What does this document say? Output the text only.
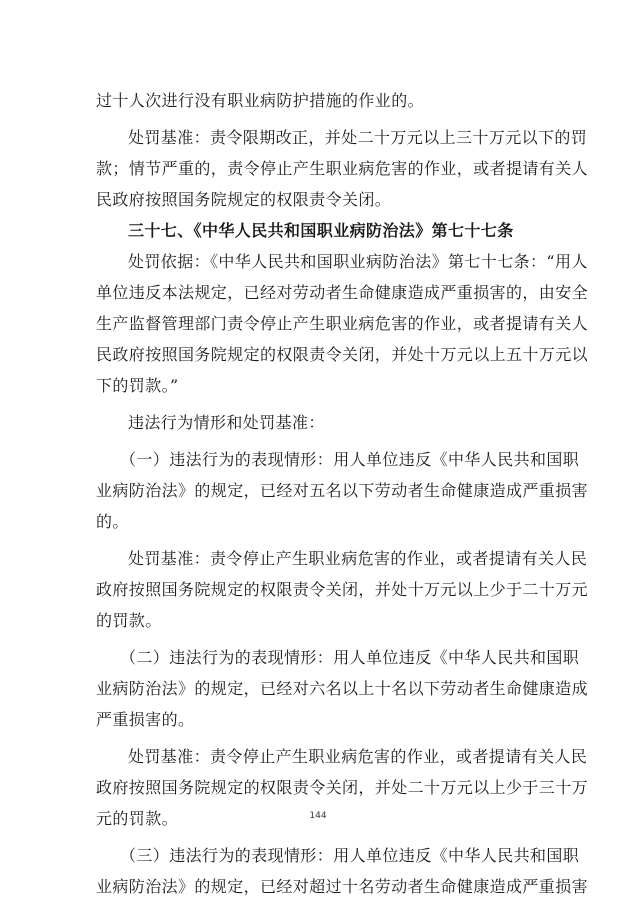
过十人次进行没有职业病防护措施的作业的。
处罚基准：责令限期改正，并处二十万元以上三十万元以下的罚
款；情节严重的，责令停止产生职业病危害的作业，或者提请有关人
民政府按照国务院规定的权限责令关闭。
三十七、《中华人民共和国职业病防治法》第七十七条
处罚依据：《中华人民共和国职业病防治法》第七十七条：“用人
单位违反本法规定，已经对劳动者生命健康造成严重损害的，由安全
生产监督管理部门责令停止产生职业病危害的作业，或者提请有关人
民政府按照国务院规定的权限责令关闭，并处十万元以上五十万元以
下的罚款。”
违法行为情形和处罚基准：
（一）违法行为的表现情形：用人单位违反《中华人民共和国职
业病防治法》的规定，已经对五名以下劳动者生命健康造成严重损害
的。
处罚基准：责令停止产生职业病危害的作业，或者提请有关人民
政府按照国务院规定的权限责令关闭，并处十万元以上少于二十万元
的罚款。
（二）违法行为的表现情形：用人单位违反《中华人民共和国职
业病防治法》的规定，已经对六名以上十名以下劳动者生命健康造成
严重损害的。
处罚基准：责令停止产生职业病危害的作业，或者提请有关人民
政府按照国务院规定的权限责令关闭，并处二十万元以上少于三十万
元的罚款。
（三）违法行为的表现情形：用人单位违反《中华人民共和国职
业病防治法》的规定，已经对超过十名劳动者生命健康造成严重损害
144
